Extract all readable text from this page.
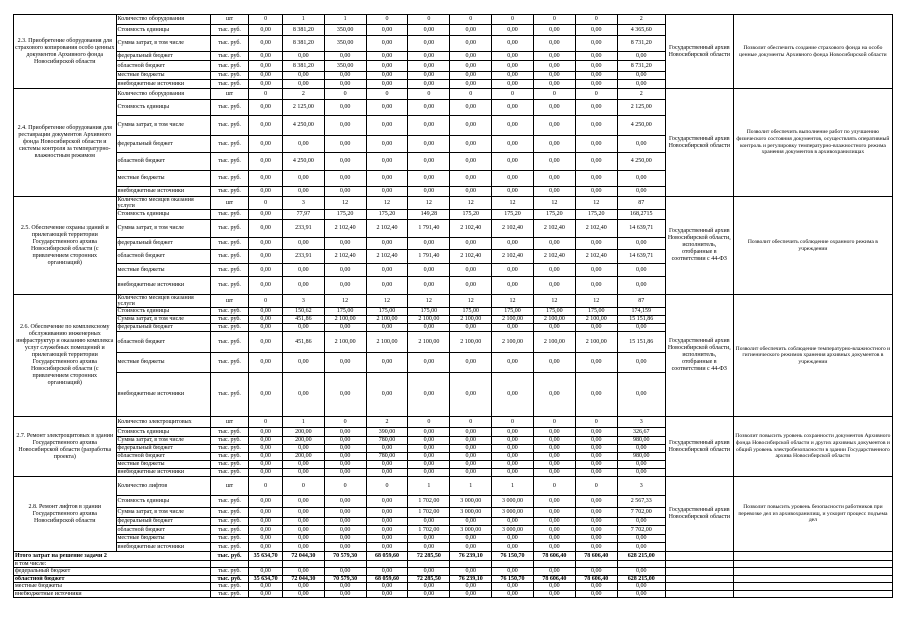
2.3. Приобретение оборудования для страхового копирования особо ценных документов Архивного фонда Новосибирской области	Количество оборудования	шт	0	1	1	0	0	0	0	0	0	2	Государственный архив Новосибирской области	Позволит обеспечить создание страхового фонда на особо ценные документы Архивного фонда Новосибирской области
	Стоимость единицы	тыс. руб.	0,00	8 381,20	350,00	0,00	0,00	0,00	0,00	0,00	0,00	4 365,60		
	Сумма затрат, в том числе	тыс. руб.	0,00	8 381,20	350,00	0,00	0,00	0,00	0,00	0,00	0,00	8 731,20		
	федеральный бюджет	тыс. руб.	0,00	0,00	0,00	0,00	0,00	0,00	0,00	0,00	0,00	0,00		
	областной бюджет	тыс. руб.	0,00	8 381,20	350,00	0,00	0,00	0,00	0,00	0,00	0,00	8 731,20		
	местные бюджеты	тыс. руб.	0,00	0,00	0,00	0,00	0,00	0,00	0,00	0,00	0,00	0,00		
	внебюджетные источники	тыс. руб.	0,00	0,00	0,00	0,00	0,00	0,00	0,00	0,00	0,00	0,00		
2.4. Приобретение оборудования для реставрации документов Архивного фонда Новосибирской области и системы контроля за температурно-влажностным режимом	Количество оборудования	шт	0	2	0	0	0	0	0	0	0	2	Государственный архив Новосибирской области	Позволит обеспечить выполнение работ по улучшению физического состояния документов, осуществлять оперативный контроль и регулировку температурно-влажностного режима хранения документов в архивохранилищах
	Стоимость единицы	тыс. руб.	0,00	2 125,00	0,00	0,00	0,00	0,00	0,00	0,00	0,00	2 125,00		
	Сумма затрат, в том числе	тыс. руб.	0,00	4 250,00	0,00	0,00	0,00	0,00	0,00	0,00	0,00	4 250,00		
	федеральный бюджет	тыс. руб.	0,00	0,00	0,00	0,00	0,00	0,00	0,00	0,00	0,00	0,00		
	областной бюджет	тыс. руб.	0,00	4 250,00	0,00	0,00	0,00	0,00	0,00	0,00	0,00	4 250,00		
	местные бюджеты	тыс. руб.	0,00	0,00	0,00	0,00	0,00	0,00	0,00	0,00	0,00	0,00		
	внебюджетные источники	тыс. руб.	0,00	0,00	0,00	0,00	0,00	0,00	0,00	0,00	0,00	0,00		
2.5. Обеспечение охраны зданий и прилегающей территории Государственного архива Новосибирской области (с привлечением сторонних организаций)	Количество месяцев оказания услуги	шт	0	3	12	12	12	12	12	12	12	87	Государственный архив Новосибирской области, исполнитель, отобранные в соответствии с 44-ФЗ	Позволит обеспечить соблюдение охранного режима в учреждении
	Стоимость единицы	тыс. руб.	0,00	77,97	175,20	175,20	149,28	175,20	175,20	175,20	175,20	168,2715		
	Сумма затрат, в том числе	тыс. руб.	0,00	233,91	2 102,40	2 102,40	1 791,40	2 102,40	2 102,40	2 102,40	2 102,40	14 639,71		
	федеральный бюджет	тыс. руб.	0,00	0,00	0,00	0,00	0,00	0,00	0,00	0,00	0,00	0,00		
	областной бюджет	тыс. руб.	0,00	233,91	2 102,40	2 102,40	1 791,40	2 102,40	2 102,40	2 102,40	2 102,40	14 639,71		
	местные бюджеты	тыс. руб.	0,00	0,00	0,00	0,00	0,00	0,00	0,00	0,00	0,00	0,00		
	внебюджетные источники	тыс. руб.	0,00	0,00	0,00	0,00	0,00	0,00	0,00	0,00	0,00	0,00		
2.6. Обеспечение по комплексному обслуживанию инженерных инфраструктур и оказанию комплекса услуг служебных помещений и прилегающей территории Государственного архива Новосибирской области (с привлечением сторонних организаций)	Количество месяцев оказания услуги	шт	0	3	12	12	12	12	12	12	12	87	Государственный архив Новосибирской области, исполнитель, отобранные в соответствии с 44-ФЗ	Позволит обеспечить соблюдение температурно-влажностного и гигиенического режимов хранения архивных документов в учреждении
	Стоимость единицы	тыс. руб.	0,00	150,62	175,00	175,00	175,00	175,00	175,00	175,00	175,00	174,159		
	Сумма затрат, в том числе	тыс. руб.	0,00	451,86	2 100,00	2 100,00	2 100,00	2 100,00	2 100,00	2 100,00	2 100,00	15 151,86		
	федеральный бюджет	тыс. руб.	0,00	0,00	0,00	0,00	0,00	0,00	0,00	0,00	0,00	0,00		
	областной бюджет	тыс. руб.	0,00	451,86	2 100,00	2 100,00	2 100,00	2 100,00	2 100,00	2 100,00	2 100,00	15 151,86		
	местные бюджеты	тыс. руб.	0,00	0,00	0,00	0,00	0,00	0,00	0,00	0,00	0,00	0,00		
	внебюджетные источники	тыс. руб.	0,00	0,00	0,00	0,00	0,00	0,00	0,00	0,00	0,00	0,00		
2.7. Ремонт электрощитовых в здании Государственного архива Новосибирской области (разработка проекта)	Количество электрощитовых	шт	0	1	0	2	0	0	0	0	0	3	Государственный архив Новосибирской области	Позволит повысить уровень сохранности документов Архивного фонда Новосибирской области и других архивных документов и общий уровень электробезопасности в здании Государственного архива Новосибирской области
	Стоимость единицы	тыс. руб.	0,00	200,00	0,00	390,00	0,00	0,00	0,00	0,00	0,00	326,67		
	Сумма затрат, в том числе	тыс. руб.	0,00	200,00	0,00	780,00	0,00	0,00	0,00	0,00	0,00	980,00		
	федеральный бюджет	тыс. руб.	0,00	0,00	0,00	0,00	0,00	0,00	0,00	0,00	0,00	0,00		
	областной бюджет	тыс. руб.	0,00	200,00	0,00	780,00	0,00	0,00	0,00	0,00	0,00	980,00		
	местные бюджеты	тыс. руб.	0,00	0,00	0,00	0,00	0,00	0,00	0,00	0,00	0,00	0,00		
	внебюджетные источники	тыс. руб.	0,00	0,00	0,00	0,00	0,00	0,00	0,00	0,00	0,00	0,00		
2.8. Ремонт лифтов в здании Государственного архива Новосибирской области	Количество лифтов	шт	0	0	0	0	1	1	1	0	0	3	Государственный архив Новосибирской области	Позволит повысить уровень безопасности работников при перевозке дел из архивохранилищ, и ускорит процесс подъема дел
	Стоимость единицы	тыс. руб.	0,00	0,00	0,00	0,00	1 702,00	3 000,00	3 000,00	0,00	0,00	2 567,33		
	Сумма затрат, в том числе	тыс. руб.	0,00	0,00	0,00	0,00	1 702,00	3 000,00	3 000,00	0,00	0,00	7 702,00		
	федеральный бюджет	тыс. руб.	0,00	0,00	0,00	0,00	0,00	0,00	0,00	0,00	0,00	0,00		
	областной бюджет	тыс. руб.	0,00	0,00	0,00	0,00	1 702,00	3 000,00	3 000,00	0,00	0,00	7 702,00		
	местные бюджеты	тыс. руб.	0,00	0,00	0,00	0,00	0,00	0,00	0,00	0,00	0,00	0,00		
	внебюджетные источники	тыс. руб.	0,00	0,00	0,00	0,00	0,00	0,00	0,00	0,00	0,00	0,00		
Итого затрат на решение задачи 2		тыс. руб.	35 634,70	72 044,30	70 579,30	68 059,60	72 285,50	76 239,10	76 150,70	78 606,40	78 606,40	628 215,00		
в том числе:														
федеральный бюджет		тыс. руб.	0,00	0,00	0,00	0,00	0,00	0,00	0,00	0,00	0,00	0,00		
областной бюджет		тыс. руб.	35 634,70	72 044,30	70 579,30	68 059,60	72 285,50	76 239,10	76 150,70	78 606,40	78 606,40	628 215,00		
местные бюджеты		тыс. руб.	0,00	0,00	0,00	0,00	0,00	0,00	0,00	0,00	0,00	0,00		
внебюджетные источники		тыс. руб.	0,00	0,00	0,00	0,00	0,00	0,00	0,00	0,00	0,00	0,00		
